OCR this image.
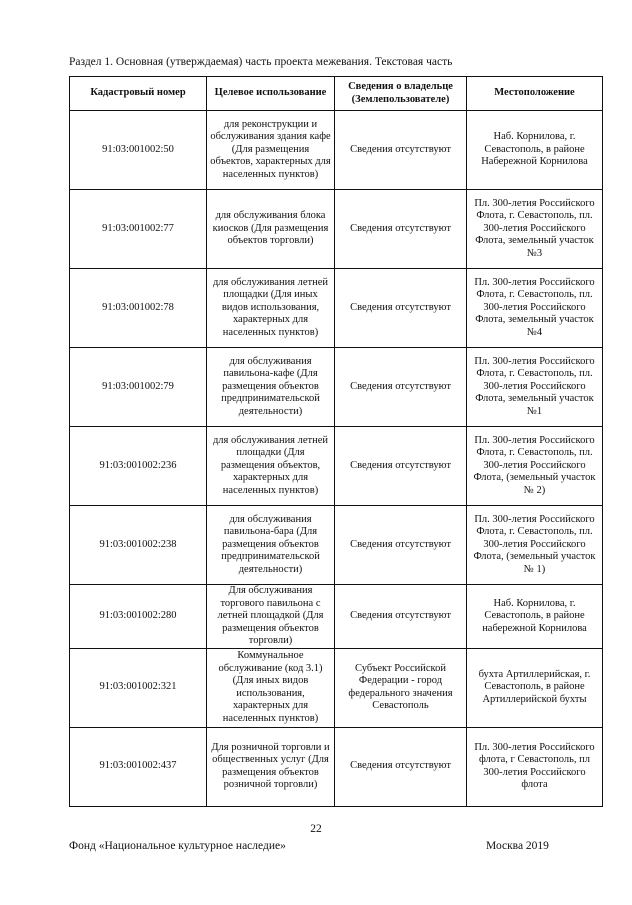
Раздел 1. Основная (утверждаемая) часть проекта межевания. Текстовая часть
Кадастровый номер	Целевое использование	Сведения о владельце (Землепользователе)	Местоположение
91:03:001002:50	для реконструкции и обслуживания здания кафе (Для размещения объектов, характерных для населенных пунктов)	Сведения отсутствуют	Наб. Корнилова, г. Севастополь, в районе Набережной Корнилова
91:03:001002:77	для обслуживания блока киосков (Для размещения объектов торговли)	Сведения отсутствуют	Пл. 300-летия Российского Флота, г. Севастополь, пл. 300-летия Российского Флота, земельный участок №3
91:03:001002:78	для обслуживания летней площадки (Для иных видов использования, характерных для населенных пунктов)	Сведения отсутствуют	Пл. 300-летия Российского Флота, г. Севастополь, пл. 300-летия Российского Флота, земельный участок №4
91:03:001002:79	для обслуживания павильона-кафе (Для размещения объектов предпринимательской деятельности)	Сведения отсутствуют	Пл. 300-летия Российского Флота, г. Севастополь, пл. 300-летия Российского Флота, земельный участок №1
91:03:001002:236	для обслуживания летней площадки (Для размещения объектов, характерных для населенных пунктов)	Сведения отсутствуют	Пл. 300-летия Российского Флота, г. Севастополь, пл. 300-летия Российского Флота, (земельный участок № 2)
91:03:001002:238	для обслуживания павильона-бара (Для размещения объектов предпринимательской деятельности)	Сведения отсутствуют	Пл. 300-летия Российского Флота, г. Севастополь, пл. 300-летия Российского Флота, (земельный участок № 1)
91:03:001002:280	Для обслуживания торгового павильона с летней площадкой (Для размещения объектов торговли)	Сведения отсутствуют	Наб. Корнилова, г. Севастополь, в районе набережной Корнилова
91:03:001002:321	Коммунальное обслуживание (код 3.1)(Для иных видов использования, характерных для населенных пунктов)	Субъект Российской Федерации - город федерального значения Севастополь	бухта Артиллерийская, г. Севастополь, в районе Артиллерийской бухты
91:03:001002:437	Для розничной торговли и общественных услуг (Для размещения объектов розничной торговли)	Сведения отсутствуют	Пл. 300-летия Российского флота, г Севастополь, пл 300-летия Российского флота
22
Фонд «Национальное культурное наследие»	Москва 2019
